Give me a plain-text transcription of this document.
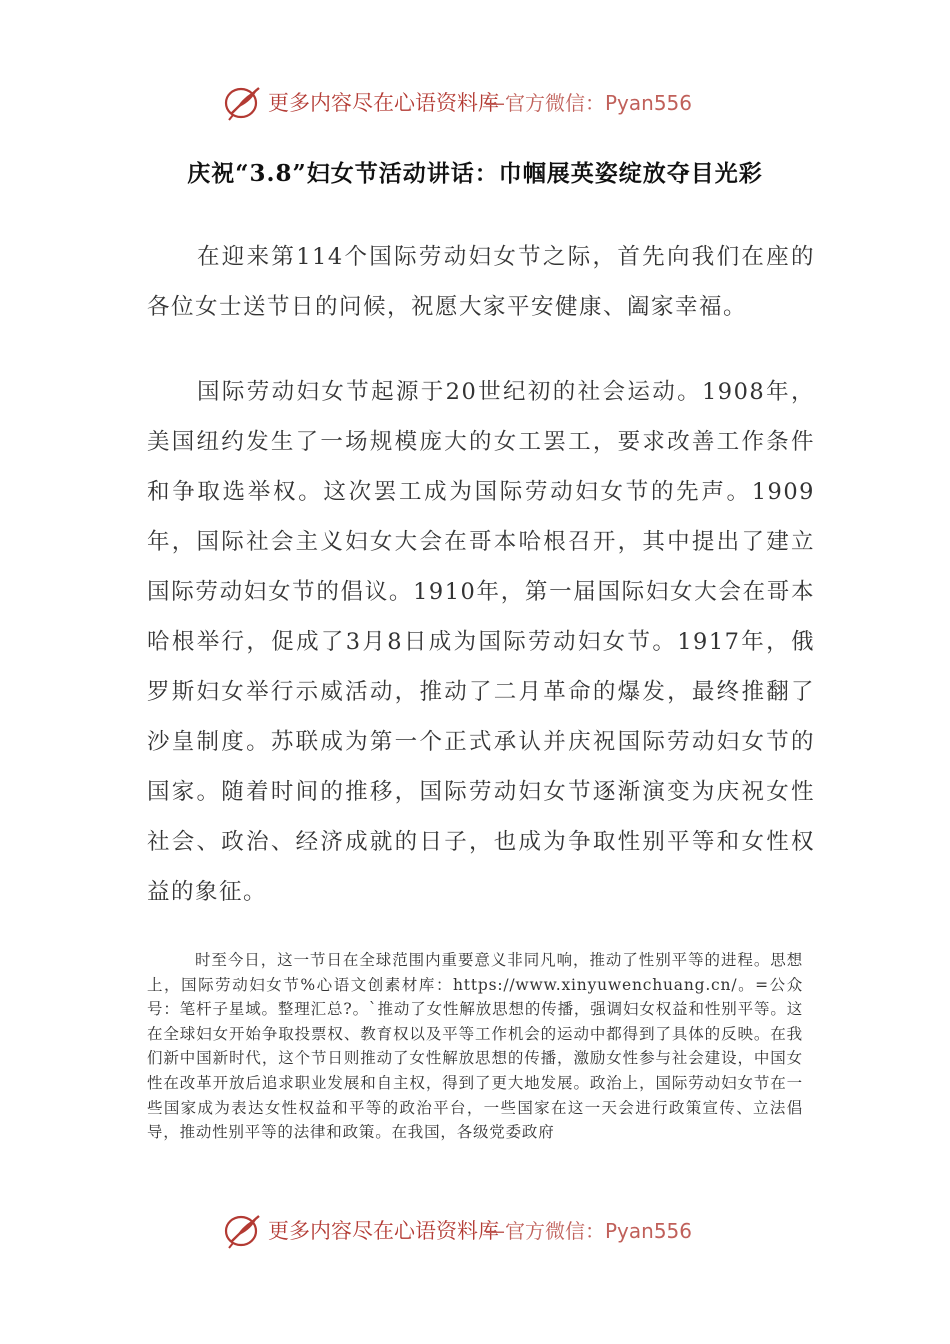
更多内容尽在心语资料库
—官方微信：Pyan556
庆祝“3.8”妇女节活动讲话：巾帼展英姿绽放夺目光彩

在迎来第114个国际劳动妇女节之际，首先向我们在座的各位女士送节日的问候，祝愿大家平安健康、阖家幸福。

国际劳动妇女节起源于20世纪初的社会运动。1908年，美国纽约发生了一场规模庞大的女工罢工，要求改善工作条件和争取选举权。这次罢工成为国际劳动妇女节的先声。1909年，国际社会主义妇女大会在哥本哈根召开，其中提出了建立国际劳动妇女节的倡议。1910年，第一届国际妇女大会在哥本哈根举行，促成了3月8日成为国际劳动妇女节。1917年，俄罗斯妇女举行示威活动，推动了二月革命的爆发，最终推翻了沙皇制度。苏联成为第一个正式承认并庆祝国际劳动妇女节的国家。随着时间的推移，国际劳动妇女节逐渐演变为庆祝女性社会、政治、经济成就的日子，也成为争取性别平等和女性权益的象征。

时至今日，这一节日在全球范围内重要意义非同凡响，推动了性别平等的进程。思想上，国际劳动妇女节%心语文创素材库：https://www.xinyuwenchuang.cn/。=公众号：笔杆子星域。整理汇总?。`推动了女性解放思想的传播，强调妇女权益和性别平等。这在全球妇女开始争取投票权、教育权以及平等工作机会的运动中都得到了具体的反映。在我们新中国新时代，这个节日则推动了女性解放思想的传播，激励女性参与社会建设，中国女性在改革开放后追求职业发展和自主权，得到了更大地发展。政治上，国际劳动妇女节在一些国家成为表达女性权益和平等的政治平台，一些国家在这一天会进行政策宣传、立法倡导，推动性别平等的法律和政策。在我国，各级党委政府

更多内容尽在心语资料库
—官方微信：Pyan556
